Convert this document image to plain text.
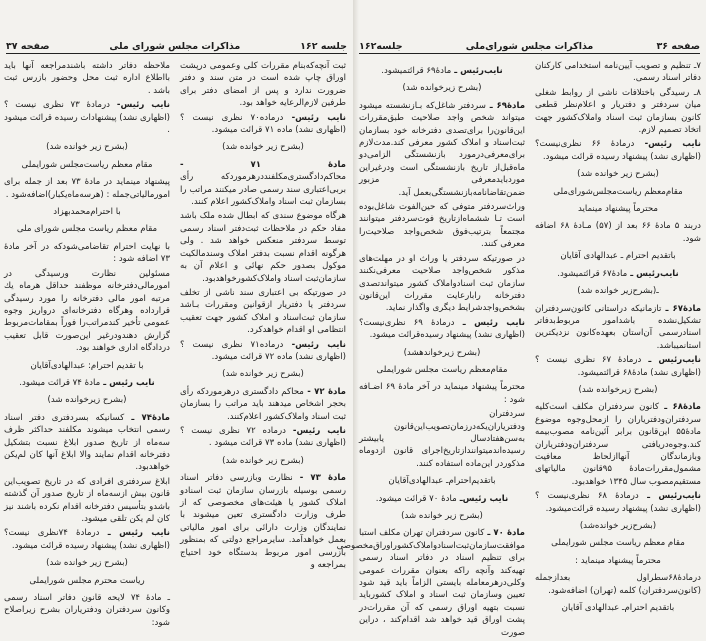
جلسه ۱۶۲
مذاکرات مجلس شورای ملی
صفحه ۳۷

ثبت آنچه‌که‌بنام مقررات کلی وعمومی درپشت اوراق چاپ شده است در متن سند و دفتر ضرورت ندارد و پس از امضای دفتر برای طرفین لازم‌الرعایه خواهد بود.

نایب رئیس- درماده۷۰ نظری نیست ؟(اظهاری نشد) ماده ۷۱ قرائت میشود.

(بشرح زیر خوانده شد)

مادهٔ ۷۱ - محاکم‌دادگستری‌مکلفنددرهرموردکه رأی بربی‌اعتباری سند رسمی صادر میکنند مراتب را بسازمان ثبت اسناد واملاک‌کشور اعلام کنند.

هرگاه موضوع سندی که ابطال شده ملک باشد مفاد حکم در ملاحظات ثبت‌دفتر اسناد رسمی توسط سردفتر منعکس خواهد شد . ولی هرگونه اقدام نسبت بدفتر املاک وسندمالکیت موکول بصدور حکم نهائی و اعلام آن به سازمان‌ثبت اسناد واملاک‌کشورخواهدبود.

در صورتیکه بی اعتباری سند ناشی از تخلف سردفتر یا دفتریار ازقوانین ومقررات بـاشد سازمان ثبت‌اسناد و املاک کشور جهت تعقیب انتظامی او اقدام خواهدکرد.

نایب رئیس- درماده۷۱ نظری نیست ؟(اظهاری نشد) ماده ۷۲ قرائت میشود.

(بشرح زیر خوانده شد)

مادهٔ ۷۲ - محاکم دادگستری درهرموردکه رأی بحجر اشخاص میدهند باید مراتب را بسازمان ثبت اسناد واملاک‌کشور اعلام‌کنند.

نایب رئیس- درماده ۷۲ نظری نیست ؟ (اظهاری نشد) ماده ۷۳ قرائت میشود .

(بشرح زیر خوانده شد)

مادهٔ ۷۳ - نظارت وبازرسی دفاتر اسناد رسمی بوسیله بازرسان سازمان ثبت اسنادو املاک کشور یا هیئت‌های مخصوصی که از طرف وزارت دادگستری تعین میشوند با نمایندگان وزارت دارائی برای امور مالیاتی بعمل خواهدآمد. سایرمراجع دولتی که بمنظور بازرسی امور مربوط بدستگاه خود احتیاج بمراجعه و

ملاحظه دفاتر داشته باشندمراجعه آنها باید بااطلاع اداره ثبت محل وحضور بازرس ثبت باشد .

نایب رئیس- درمادهٔ ۷۳ نظری نیست ؟ (اظهاری نشد) پیشنهادات رسیده قرائت میشود .

(بشرح زیر خوانده شد)

مقام معظم ریاست‌مجلس شورایملی

پیشنهاد مینماید در مادهٔ ۷۳ بعد از جمله برای امورمالیاتی‌جمله : (هرسه‌ماه‌یکبار)اضافه‌شود .

با احترام‌محمدبهزاد

مقام معظم ریاست مجلس شورای ملی

با نهایت احترام تقاضامی‌شودکه در آخر مادهٔ ۷۳ اضافه شود :

مسئولین نظارت ورسیدگی در امورمالی‌دفترخانه موظفند حداقل هرماه یك مرتبه امور مالی دفترخانه را مورد رسیدگی قرارداده وهرگاه دفترخانه‌ای درواریز وجوه عمومی تأخیر کندمراتب‌را فوراً بمقامات‌مربوط گزارش دهندودرغیر این‌صورت قابل تعقیب درداد‌گاه اداری خواهند بود.

با تقدیم احترام: عبدالهادی‌آقایان

نایب رئیس ـ مادهٔ ۷۴ قرائت میشود.

(بشرح زیرخوانده شد)

مادهٔ۷۴ ـ کسانیکه بسردفتری دفتر اسناد رسمی انتخاب میشوند مکلفند حداکثر ظرف سه‌ماه از تاریخ صدور ابلاغ نسبت بتشکیل دفترخانه اقدام نمایند والا ابلاغ آنها کان لم‌یکن خواهدبود.

ابلاغ سردفتری افرادی که در تاریخ تصویب‌این قانون بیش ازسه‌ماه از تاریخ صدور آن گذشته باشدو بتأسیس دفترخانه اقدام نکرده باشند نیز کان لم یکن تلقی میشود.

نایب رئیس ـ درمادهٔ ۷۴نظری نیست؟ (اظهاری نشد) پیشنهاد رسیده قرائت میشود.

(بشرح زیر خوانده شد)

ریاست محترم مجلس شورایملی

ـ مادهٔ ۷۴ لایحه قانون دفاتر اسناد رسمی وکانون سردفتران ودفتریاران بشرح زیراصلاح شود:

صفحه ۳۶
مذاکرات مجلس شورای‌ملی
جلسه۱۶۲

۷ـ تنظیم و تصویب آیین‌نامه استخدامی کارکنان دفاتر اسناد رسمی.

۸ـ رسیدگی باختلافات ناشی از روابط شغلی میان سردفتر و دفتریار و اعلام‌نظر قطعی کانون بسازمان ثبت اسناد واملاک‌کشور جهت اتخاذ تصمیم لازم.

نایب رئیس- درمادهٔ ۶۶ نظری‌نیست؟ (اظهاری نشد) پیشنهاد رسیده قرائت میشود.

(بشرح زیر خوانده شد)

مقام‌معظم ریاست‌مجلس‌شورای‌ملی

محترماً پیشنهاد مینماید

دربند ۵ مادهٔ ۶۶ بعد از (۵۷) مـادهٔ ۶۸ اضافه شود.

باتقدیم احترام ـ عبدالهادی آقایان

نایب‌رئیس ـ مادهٔ۶۷ قرائتمیشود.

ـ(بشرح‌زیر خوانده شد)

مادهٔ۶۷ ـ تازمانیکه دراستانی کانون‌سردفتران تشکیل‌نشده باشدامور مربوط‌بدفاتر اسنادرسمی آن‌استان بعهده‌کانون نزدیکترین استانمیباشد.

نایب‌رئیس ـ درمادهٔ ۶۷ نظری نیست ؟ (اظهاری نشد) مادهٔ۶۸ قرائتمیشود.

(بشرح زیرخوانده شد)

مادهٔ۶۸ ـ کانون سردفتران مکلف است‌کلیه سردفتران‌ودفتریاران را ازمحل‌وجوه موضوع مادهٔ۵۵ این‌قانون برابر آئین‌نامه مصوب‌بیمه کند.وجوه‌دریافتی سردفتران‌ودفتریاران وبازماندگان آنهاازلحاظ معافیت مشمول‌مقررات‌مادهٔ ۹۵قانون مالیاتهای مستقیم‌مصوب سال ۱۳۴۵ خواهدبود.

نایب‌رئیس ـ درمادهٔ ۶۸ نظری‌نیست ؟ (اظهاری نشد) پیشنهاد رسیده قرائت‌میشود.

(بشرح‌زیر خوانده‌شد)

مقام معظم ریاست مجلس شورایملی

محترماً پیشنهاد مینماید :

درمادهٔ۶۸سطر‌اول بعدازجمله (کانون‌سردفتران) کلمه (تهران) اضافه‌شود.

باتقدیم احترام‌ـ عبدالهادی آقایان

نایب‌رئیس ـ مادهٔ۶۹ قرائتمیشود.

(بشرح زیرخوانده شد)

مادهٔ۶۹ ـ سردفتر شاغل‌که بـازنشسته میشود میتواند شخص واجد صلاحیت طبق‌مقررات این‌قانون‌را برای‌تصدی دفترخانه خود بسازمان ثبت‌اسناد و املاک کشور معرفی کند.مدت‌لازم برای‌معرفی‌درمورد بازنشستگی الزامی‌دو ماه‌قبل‌از تاریخ بازنشستگی است ودرغیراین موردبایدمعرفی مزبور ضمن‌تقاضانامه‌بازنشستگی‌بعمل آید.

وراث‌سردفتر متوفی که حین‌الفوت شاغل‌بوده است تـا ششماه‌ازتاریخ فوت‌سردفتر میتوانند مجتمعاً بترتیب‌فوق شخص‌واجد صلاحیت‌را معرفی کنند.

در صورتیکه سردفتر یا وراث او در مهلت‌های مذکور شخص‌واجد صلاحیت معرفی‌نکنند سازمان ثبت اسنادواملاک کشور میتواندتصدی دفترخانه رابارعایت مقررات این‌قانون بشخص‌واجدشرایط دیگری واگذار نماید.

نایب رئیس ـ درمادهٔ ۶۹ نظری‌نیست؟ (اظهاری نشد) پیشنهاد رسیده‌قرائت میشود.

(بشرح زیرخواندهشد)

مقام‌معظم ریاست مجلس شورایملی

محترماً پیشنهاد مینماید در آخر مادهٔ ۶۹ اضـافه شود :

سردفتران ودفتریاران‌یکه‌درزمان‌تصویب‌این‌قانون به‌سن‌هفتادسال یابیشتر رسیده‌اندمیتوانندازتاریخ‌اجرای قانون ازدوماه مذکوردر این‌ماده استفاده کنند.

باتقدیم‌احترام‌ـ عبدالهادی‌آقایان

نایب رئیس‌ـ مادهٔ ۷۰ قرائت میشود.

(بشرح زیر خوانده شد)

مادهٔ ۷۰ ـ کانون سردفتران تهران مکلف استبا موافقت‌سازمان‌ثبت‌اسنادواملاک‌کشوراوراق‌مخصوصی برای تنظیم اسناد در دفاتر اسناد رسمی تهیه‌کند وآنچه راکه بعنوان مقررات عمومی وکلی‌درهرمعامله بایستی الزاماً باید قید شود تعیین وسازمان ثبت اسناد و املاک کشورباید نسبت بتهیه اوراق رسمی که آن مقررات‌در پشت اوراق قید خواهد شد اقدام‌کند ، دراین صورت
